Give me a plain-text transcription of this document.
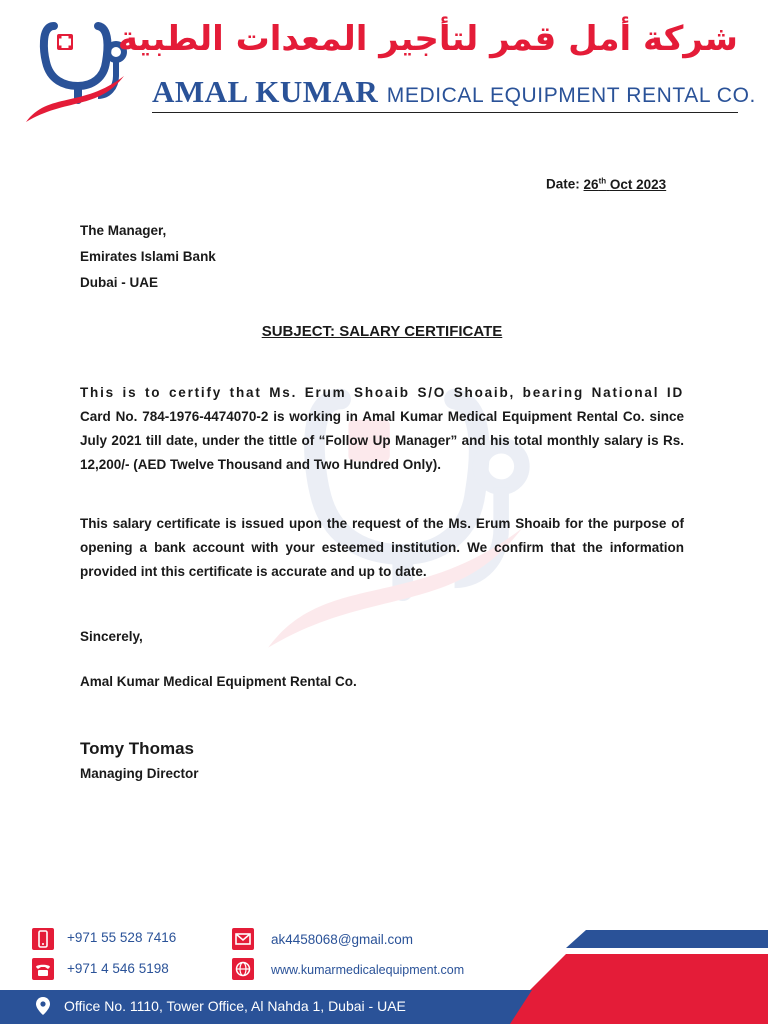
شركة أمل قمر لتأجير المعدات الطبية
AMAL KUMAR MEDICAL EQUIPMENT RENTAL CO.
Date: 26th Oct 2023
The Manager,
Emirates Islami Bank
Dubai - UAE
SUBJECT: SALARY CERTIFICATE
This is to certify that Ms. Erum Shoaib S/O Shoaib, bearing National ID Card No. 784-1976-4474070-2 is working in Amal Kumar Medical Equipment Rental Co. since July 2021 till date, under the tittle of “Follow Up Manager” and his total monthly salary is Rs. 12,200/- (AED Twelve Thousand and Two Hundred Only).
This salary certificate is issued upon the request of the Ms. Erum Shoaib for the purpose of opening a bank account with your esteemed institution. We confirm that the information provided int this certificate is accurate and up to date.
Sincerely,
Amal Kumar Medical Equipment Rental Co.
Tomy Thomas
Managing Director
+971 55 528 7416
+971 4 546 5198
ak4458068@gmail.com
www.kumarmedicalequipment.com
Office No. 1110, Tower Office, Al Nahda 1, Dubai - UAE
